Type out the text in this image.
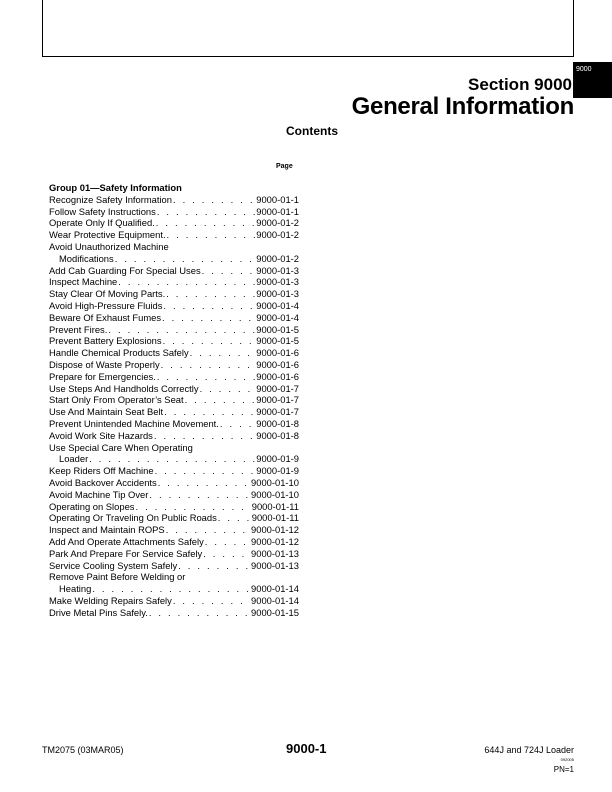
9000
Section 9000
General Information
Contents
Page
Group 01—Safety Information
Recognize Safety Information . . .	9000-01-1
Follow Safety Instructions . . .	9000-01-1
Operate Only If Qualified. . . .	9000-01-2
Wear Protective Equipment. . . .	9000-01-2
Avoid Unauthorized Machine
Modifications . . .	9000-01-2
Add Cab Guarding For Special Uses . . .	9000-01-3
Inspect Machine . . .	9000-01-3
Stay Clear Of Moving Parts. . . .	9000-01-3
Avoid High-Pressure Fluids . . .	9000-01-4
Beware Of Exhaust Fumes . . .	9000-01-4
Prevent Fires. . . .	9000-01-5
Prevent Battery Explosions . . .	9000-01-5
Handle Chemical Products Safely . . .	9000-01-6
Dispose of Waste Properly . . .	9000-01-6
Prepare for Emergencies. . . .	9000-01-6
Use Steps And Handholds Correctly . . .	9000-01-7
Start Only From Operator’s Seat . . .	9000-01-7
Use And Maintain Seat Belt . . .	9000-01-7
Prevent Unintended Machine Movement. . . .	9000-01-8
Avoid Work Site Hazards . . .	9000-01-8
Use Special Care When Operating
Loader . . .	9000-01-9
Keep Riders Off Machine . . .	9000-01-9
Avoid Backover Accidents . . .	9000-01-10
Avoid Machine Tip Over . . .	9000-01-10
Operating on Slopes . . .	9000-01-11
Operating Or Traveling On Public Roads . . .	9000-01-11
Inspect and Maintain ROPS . . .	9000-01-12
Add And Operate Attachments Safely . . .	9000-01-12
Park And Prepare For Service Safely . . .	9000-01-13
Service Cooling System Safely . . .	9000-01-13
Remove Paint Before Welding or
Heating . . .	9000-01-14
Make Welding Repairs Safely . . .	9000-01-14
Drive Metal Pins Safely. . . .	9000-01-15
TM2075 (03MAR05)	9000-1	644J and 724J Loader
092005
PN=1
